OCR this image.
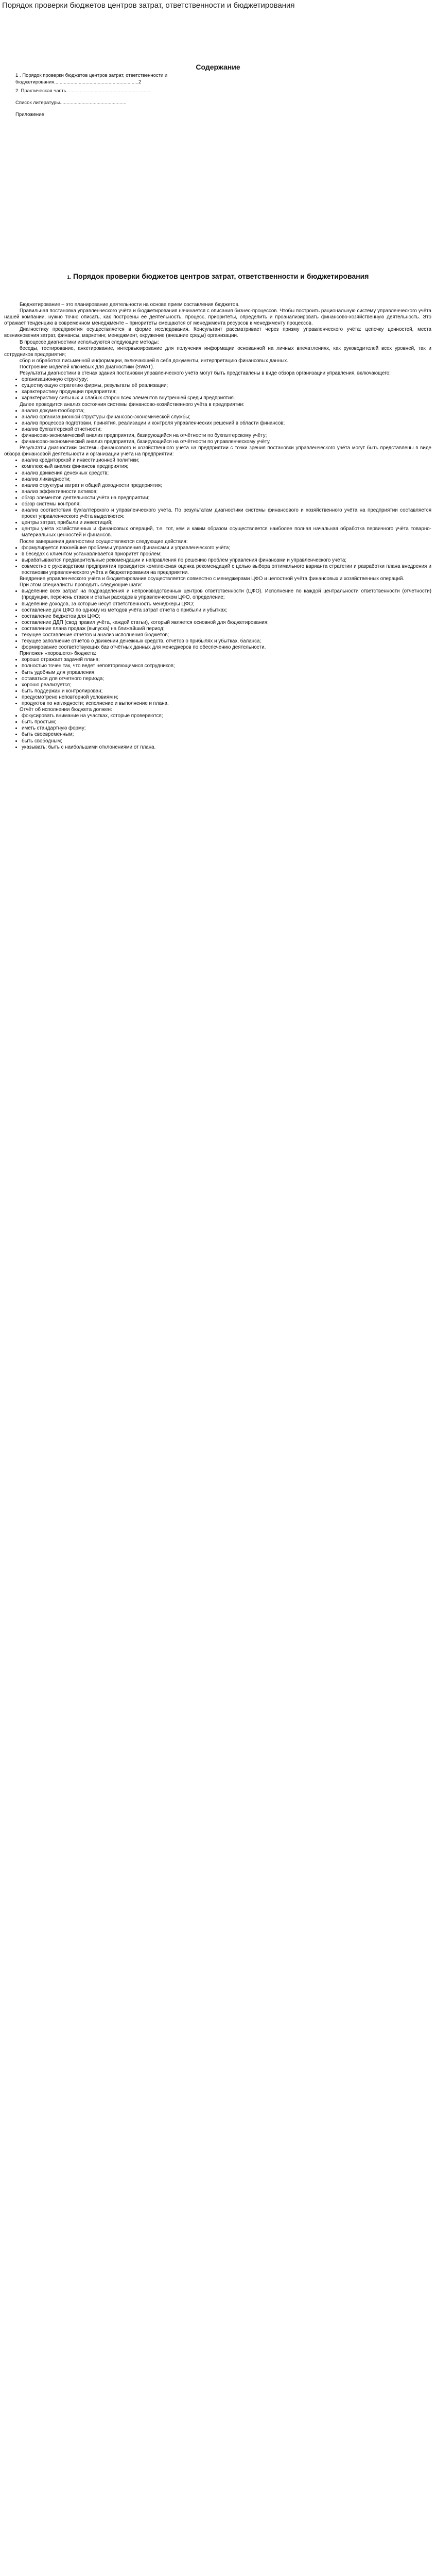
Порядок проверки бюджетов центров затрат, ответственности и бюджетирования
Содержание
1 . Порядок проверки бюджетов центров затрат, ответственности и
бюджетирования..............................................................2
2. Практическая часть..............................................................
Список литературы.................................................
Приложение
1. Порядок проверки бюджетов центров затрат, ответственности и бюджетирования

Бюджетирование – это планирование деятельности на основе прием составления бюджетов.

Правильная постановка управленческого учёта и бюджетирования начинается с описания бизнес-процессов. Чтобы построить рациональную систему управленческого учёта нашей компании, нужно точно описать, как построены её деятельность, процесс, приоритеты, определить и проанализировать финансово-хозяйственную деятельность. Это отражает тенденцию в современном менеджменте – приоритеты смещаются от менеджмента ресурсов к менеджменту процессов.

Диагностику предприятия осуществляется в форме исследования. Консультант рассматривает через призму управленческого учёта: цепочку ценностей, места возникновения затрат, финансы, маркетинг, менеджмент, окружение (внешние среды) организации.

В процессе диагностики используются следующие методы:

беседы, тестирование, анкетирование, интервьюирование для получения информации основанной на личных впечатлениях, как руководителей всех уровней, так и сотрудников предприятия;

сбор и обработка письменной информации, включающей в себя документы, интерпретацию финансовых данных.

Построение моделей ключевых для диагностики (SWAT).

Результаты диагностики в стенах здания постановки управленческого учёта могут быть представлены в виде обзора организации управления, включающего:

• организационную структуру;
• существующую стратегию фирмы, результаты её реализации;
• характеристику продукции предприятия;
• характеристику сильных и слабых сторон всех элементов внутренней среды предприятия.

Далее проводится анализ состояния системы финансово-хозяйственного учёта в предприятии:

• анализ документооборота;
• анализ организационной структуры финансово-экономической службы;
• анализ процессов подготовки, принятия, реализации и контроля управленческих решений в области финансов;
• анализ бухгалтерской отчетности;
• финансово-экономический анализ предприятия, базирующийся на отчётности по бухгалтерскому учёту;
• финансово-экономический анализ предприятия, базирующийся на отчётности по управленческому учёту.

Результаты диагностики системы финансового и хозяйственного учёта на предприятии с точки зрения постановки управленческого учёта могут быть представлены в виде обзора финансовой деятельности и организации учёта на предприятии:

• анализ кредиторской и инвестиционной политики;
• комплексный анализ финансов предприятия;
• анализ движения денежных средств;
• анализ ликвидности;
• анализ структуры затрат и общей доходности предприятия;
• анализ эффективности активов;
• обзор элементов деятельности учёта на предприятии;
• обзор системы контроля;
• анализ соответствия бухгалтерского и управленческого учёта. По результатам диагностики системы финансового и хозяйственного учёта на предприятии составляется проект управленческого учёта выделяются:
• центры затрат, прибыли и инвестиций;
• центры учёта хозяйственных и финансовых операций, т.е. тот, кем и каким образом осуществляется наиболее полная начальная обработка первичного учёта товарно-материальных ценностей и финансов.

После завершения диагностики осуществляются следующие действия:

• формулируется важнейшие проблемы управления финансами и управленческого учёта;
• в беседах с клиентом устанавливается приоритет проблем;
• вырабатываются предварительные рекомендации и направления по решению проблем управления финансами и управленческого учёта;
• совместно с руководством предприятия проводится комплексная оценка рекомендаций с целью выбора оптимального варианта стратегии и разработки плана внедрения и постановки управленческого учёта и бюджетирования на предприятии.

Внедрение управленческого учёта и бюджетирования осуществляется совместно с менеджерами ЦФО и целостной учёта финансовых и хозяйственных операций.

При этом специалисты проводить следующие шаги:

• выделение всех затрат на подразделения и непроизводственных центров ответственности (ЦФО). Исполнение по каждой центральности ответственности (отчетности) (продукции, перечень ставок и статьи расходов в управленческом ЦФО, определение;
• выделение доходов, за которые несут ответственность менеджеры ЦФО;
• составление для ЦФО по одному из методов учёта затрат отчёта о прибыли и убытках;
• составление бюджетов для ЦФО;
• составление ДДП (свод правил учёта, каждой статьи), который является основной для бюджетирования;
• составление плана продаж (выпуска) на ближайший период;
• текущее составление отчётов и анализ исполнения бюджетов;
• текущее заполнение отчётов о движении денежных средств, отчётов о прибылях и убытках, баланса;
• формирование соответствующих баз отчётных данных для менеджеров по обеспечению деятельности.

Приложен «хорошего» бюджета:

• хорошо отражает задачей плана;
• полностью точен так, что ведет неповторяющимися сотрудников;
• быть удобным для управления;
• оставаться для отчетного периода;
• хорошо реализуется;
• быть поддержан и контролирован;
• предусмотрено неповторной условиям и;
• продуктов по наглядности; исполнение и выполнение и плана.

Отчёт об исполнении бюджета должен:

• фокусировать внимание на участках, которые проверяются;
• быть простым;
• иметь стандартную форму;
• быть своевременным;
• быть свободным;
• указывать; быть с наибольшими отклонениями от плана.
